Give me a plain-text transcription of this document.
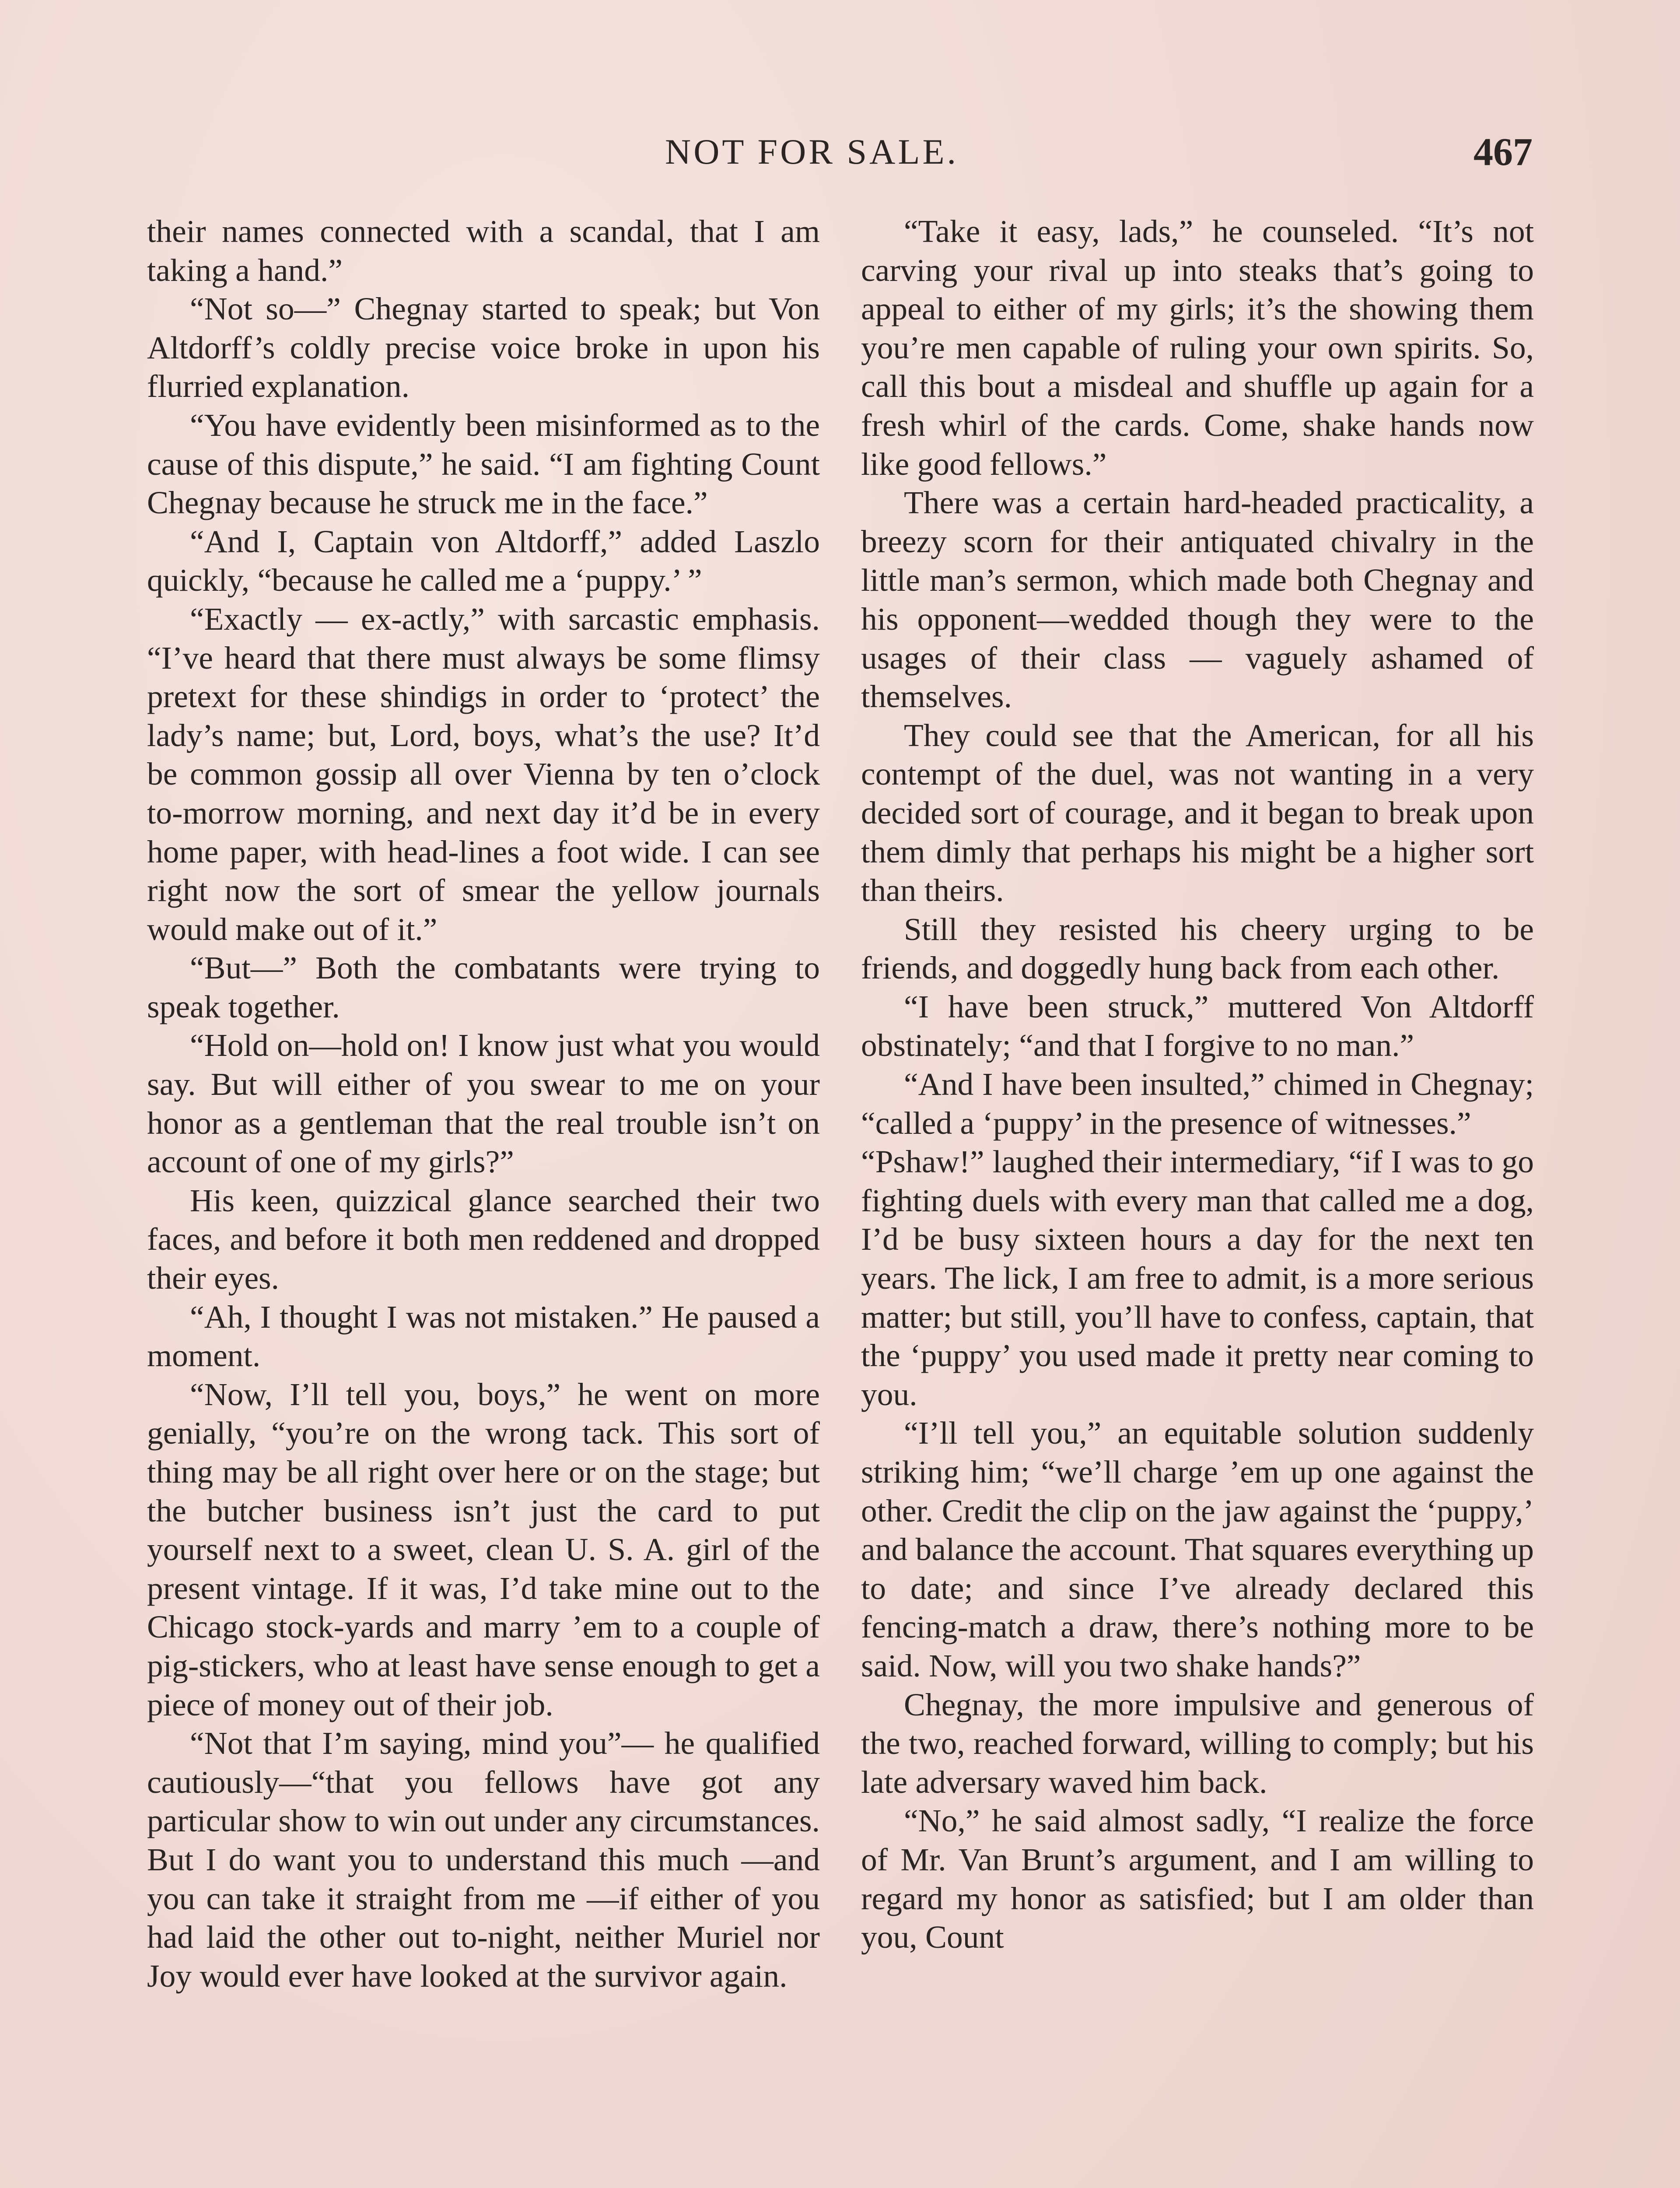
NOT FOR SALE.	467

their names connected with a scandal, that I am taking a hand.”

“Not so—” Chegnay started to speak; but Von Altdorff’s coldly precise voice broke in upon his flurried explanation.

“You have evidently been misinformed as to the cause of this dispute,” he said. “I am fighting Count Chegnay because he struck me in the face.”

“And I, Captain von Altdorff,” added Laszlo quickly, “because he called me a ‘puppy.’ ”

“Exactly — ex-actly,” with sarcastic emphasis. “I’ve heard that there must always be some flimsy pretext for these shindigs in order to ‘protect’ the lady’s name; but, Lord, boys, what’s the use? It’d be common gossip all over Vienna by ten o’clock to-morrow morning, and next day it’d be in every home paper, with head-lines a foot wide. I can see right now the sort of smear the yellow journals would make out of it.”

“But—” Both the combatants were trying to speak together.

“Hold on—hold on! I know just what you would say. But will either of you swear to me on your honor as a gentleman that the real trouble isn’t on account of one of my girls?”

His keen, quizzical glance searched their two faces, and before it both men reddened and dropped their eyes.

“Ah, I thought I was not mistaken.” He paused a moment.

“Now, I’ll tell you, boys,” he went on more genially, “you’re on the wrong tack. This sort of thing may be all right over here or on the stage; but the butcher business isn’t just the card to put yourself next to a sweet, clean U. S. A. girl of the present vintage. If it was, I’d take mine out to the Chicago stock-yards and marry ’em to a couple of pig-stickers, who at least have sense enough to get a piece of money out of their job.

“Not that I’m saying, mind you”— he qualified cautiously—“that you fellows have got any particular show to win out under any circumstances. But I do want you to understand this much —and you can take it straight from me —if either of you had laid the other out to-night, neither Muriel nor Joy would ever have looked at the survivor again.

“Take it easy, lads,” he counseled. “It’s not carving your rival up into steaks that’s going to appeal to either of my girls; it’s the showing them you’re men capable of ruling your own spirits. So, call this bout a misdeal and shuffle up again for a fresh whirl of the cards. Come, shake hands now like good fellows.”

There was a certain hard-headed practicality, a breezy scorn for their antiquated chivalry in the little man’s sermon, which made both Chegnay and his opponent—wedded though they were to the usages of their class — vaguely ashamed of themselves.

They could see that the American, for all his contempt of the duel, was not wanting in a very decided sort of courage, and it began to break upon them dimly that perhaps his might be a higher sort than theirs.

Still they resisted his cheery urging to be friends, and doggedly hung back from each other.

“I have been struck,” muttered Von Altdorff obstinately; “and that I forgive to no man.”

“And I have been insulted,” chimed in Chegnay; “called a ‘puppy’ in the presence of witnesses.”

“Pshaw!” laughed their intermediary, “if I was to go fighting duels with every man that called me a dog, I’d be busy sixteen hours a day for the next ten years. The lick, I am free to admit, is a more serious matter; but still, you’ll have to confess, captain, that the ‘puppy’ you used made it pretty near coming to you.

“I’ll tell you,” an equitable solution suddenly striking him; “we’ll charge ’em up one against the other. Credit the clip on the jaw against the ‘puppy,’ and balance the account. That squares everything up to date; and since I’ve already declared this fencing-match a draw, there’s nothing more to be said. Now, will you two shake hands?”

Chegnay, the more impulsive and generous of the two, reached forward, willing to comply; but his late adversary waved him back.

“No,” he said almost sadly, “I realize the force of Mr. Van Brunt’s argument, and I am willing to regard my honor as satisfied; but I am older than you, Count
